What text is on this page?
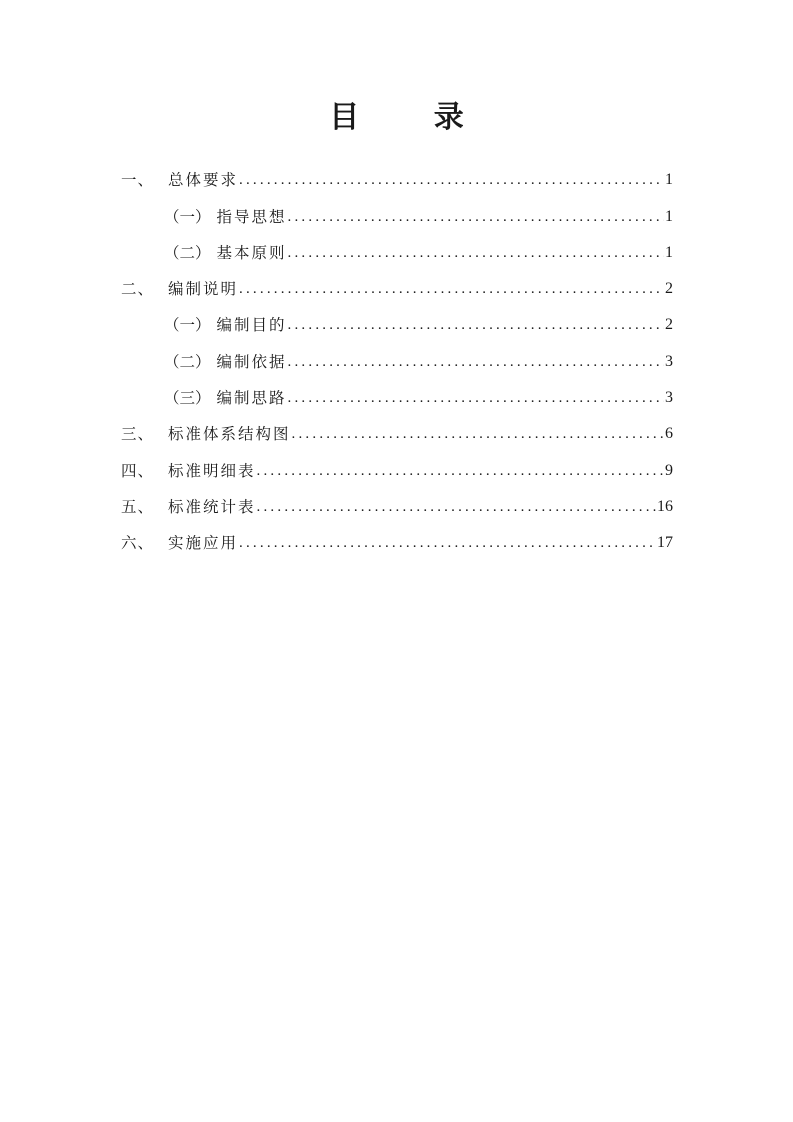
目 录
一、 总体要求 .....	1
（一） 指导思想 .....	1
（二） 基本原则 .....	1
二、 编制说明 .....	2
（一） 编制目的 .....	2
（二） 编制依据 .....	3
（三） 编制思路 .....	3
三、 标准体系结构图 .....	6
四、 标准明细表 .....	9
五、 标准统计表 .....	16
六、 实施应用 .....	17
